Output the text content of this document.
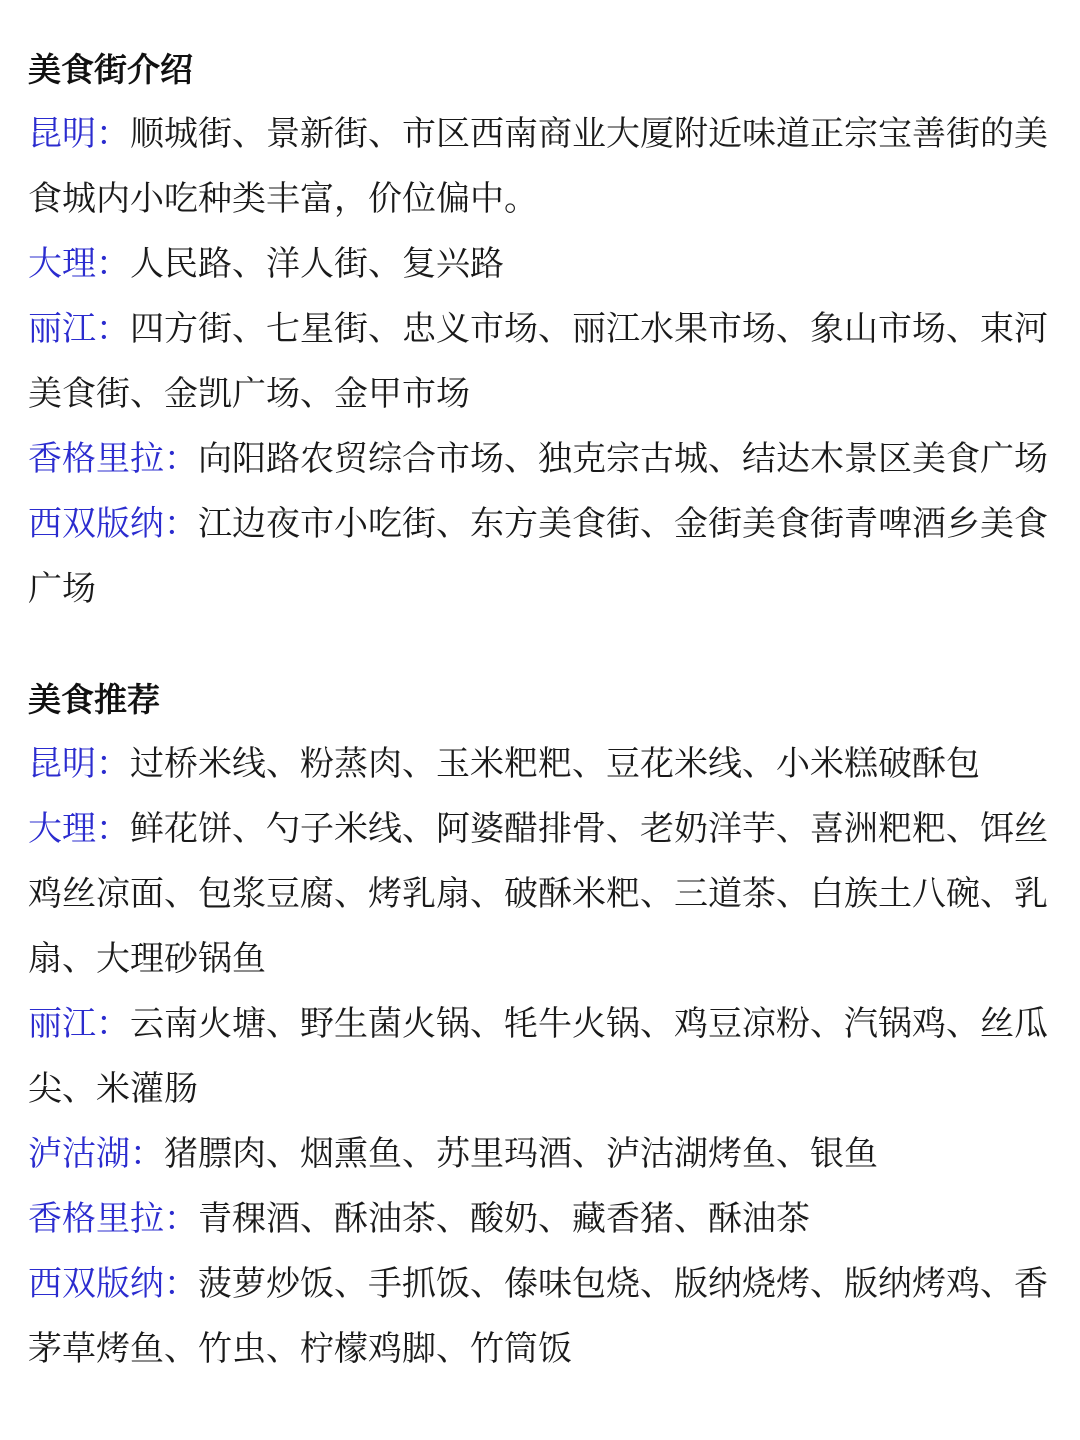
美食街介绍

昆明：顺城街、景新街、市区西南商业大厦附近味道正宗宝善街的美食城内小吃种类丰富，价位偏中。

大理：人民路、洋人街、复兴路

丽江：四方街、七星街、忠义市场、丽江水果市场、象山市场、束河美食街、金凯广场、金甲市场

香格里拉：向阳路农贸综合市场、独克宗古城、结达木景区美食广场

西双版纳：江边夜市小吃街、东方美食街、金街美食街青啤酒乡美食广场

美食推荐

昆明：过桥米线、粉蒸肉、玉米粑粑、豆花米线、小米糕破酥包

大理：鲜花饼、勺子米线、阿婆醋排骨、老奶洋芋、喜洲粑粑、饵丝鸡丝凉面、包浆豆腐、烤乳扇、破酥米粑、三道茶、白族土八碗、乳扇、大理砂锅鱼

丽江：云南火塘、野生菌火锅、牦牛火锅、鸡豆凉粉、汽锅鸡、丝瓜尖、米灌肠

泸沽湖：猪膘肉、烟熏鱼、苏里玛酒、泸沽湖烤鱼、银鱼

香格里拉：青稞酒、酥油茶、酸奶、藏香猪、酥油茶

西双版纳：菠萝炒饭、手抓饭、傣味包烧、版纳烧烤、版纳烤鸡、香茅草烤鱼、竹虫、柠檬鸡脚、竹筒饭
